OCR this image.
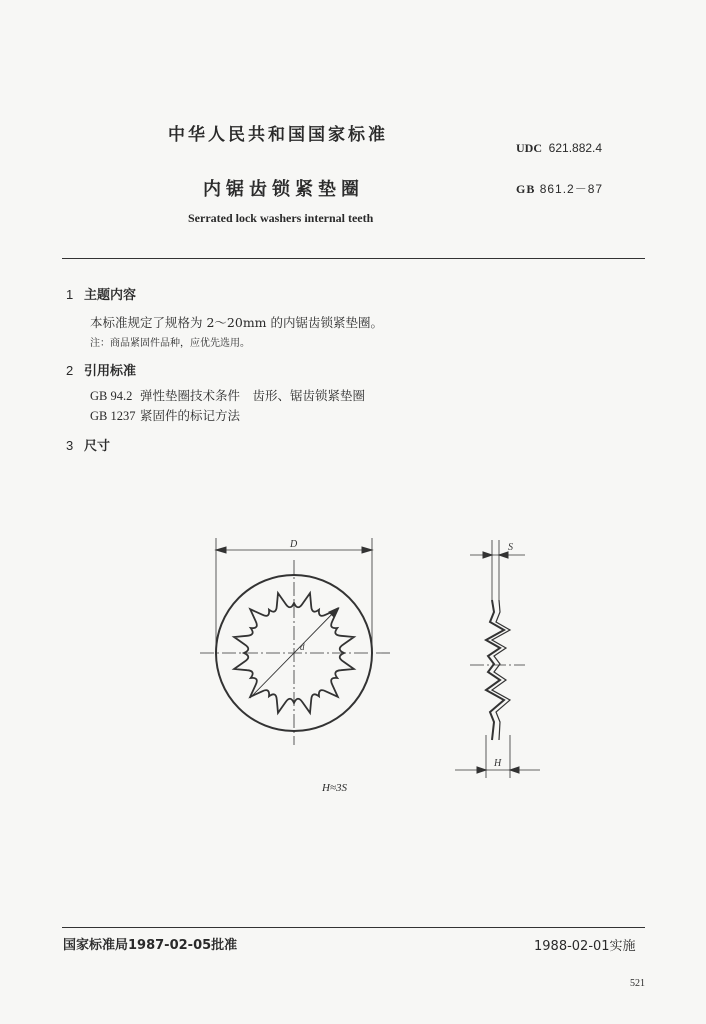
中华人民共和国国家标准
UDC 621.882.4
内锯齿锁紧垫圈	GB 861.2－87
Serrated lock washers internal teeth
1 主题内容
本标准规定了规格为 2～20mm 的内锯齿锁紧垫圈。
注：商品紧固件品种，应优先选用。
2 引用标准
GB 94.2 弹性垫圈技术条件　齿形、锯齿锁紧垫圈
GB 1237 紧固件的标记方法
3 尺寸
D
d
S
H
H≈3S
国家标准局1987-02-05批准	1988-02-01实施
521
